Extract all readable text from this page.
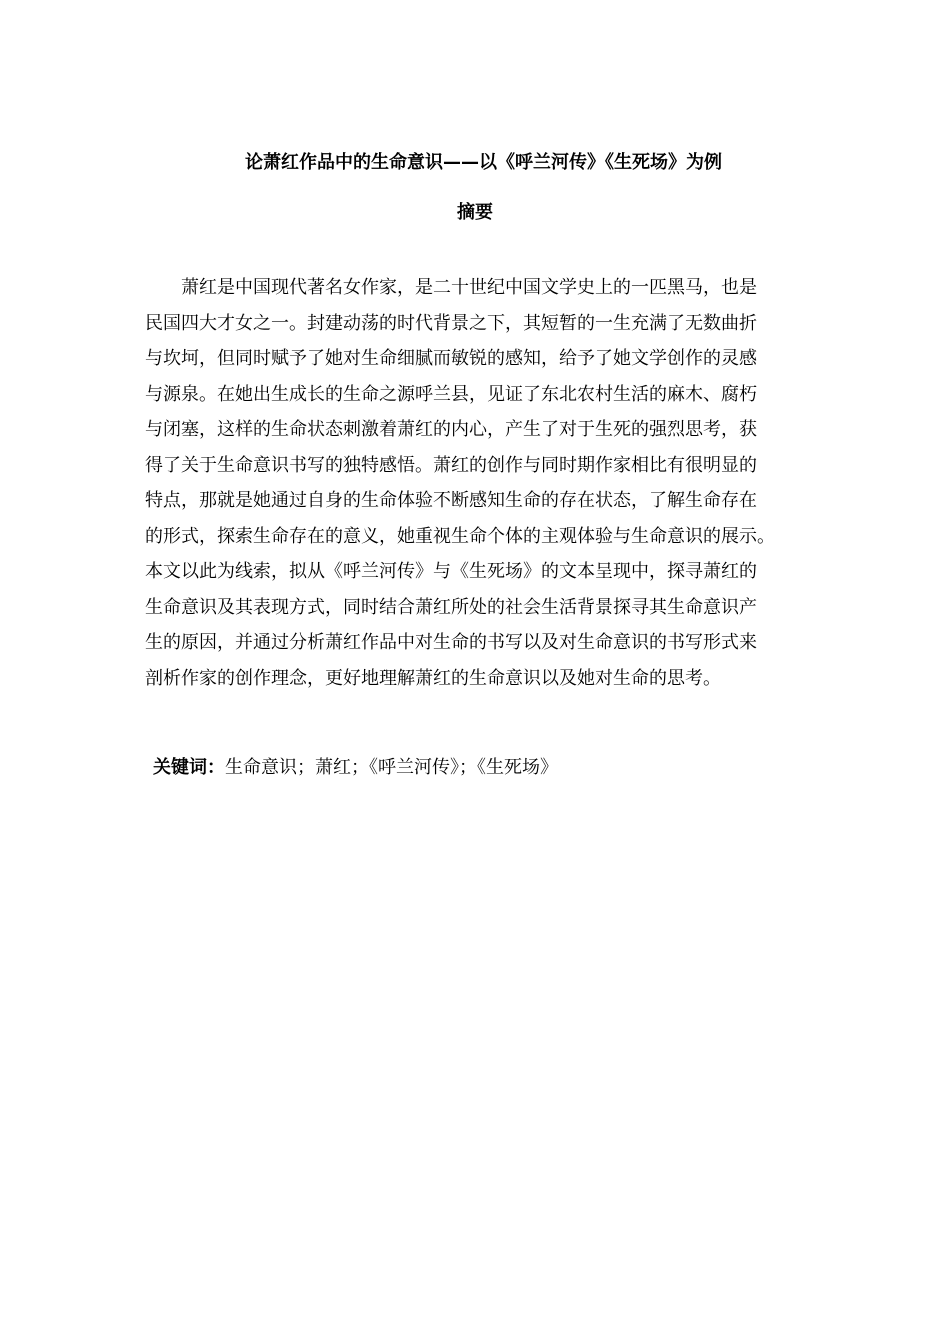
论萧红作品中的生命意识——以《呼兰河传》《生死场》为例
摘要
萧红是中国现代著名女作家，是二十世纪中国文学史上的一匹黑马，也是
民国四大才女之一。封建动荡的时代背景之下，其短暂的一生充满了无数曲折
与坎坷，但同时赋予了她对生命细腻而敏锐的感知，给予了她文学创作的灵感
与源泉。在她出生成长的生命之源呼兰县，见证了东北农村生活的麻木、腐朽
与闭塞，这样的生命状态刺激着萧红的内心，产生了对于生死的强烈思考，获
得了关于生命意识书写的独特感悟。萧红的创作与同时期作家相比有很明显的
特点，那就是她通过自身的生命体验不断感知生命的存在状态，了解生命存在
的形式，探索生命存在的意义，她重视生命个体的主观体验与生命意识的展示。
本文以此为线索，拟从《呼兰河传》与《生死场》的文本呈现中，探寻萧红的
生命意识及其表现方式，同时结合萧红所处的社会生活背景探寻其生命意识产
生的原因，并通过分析萧红作品中对生命的书写以及对生命意识的书写形式来
剖析作家的创作理念，更好地理解萧红的生命意识以及她对生命的思考。
关键词：生命意识；萧红；《呼兰河传》；《生死场》
